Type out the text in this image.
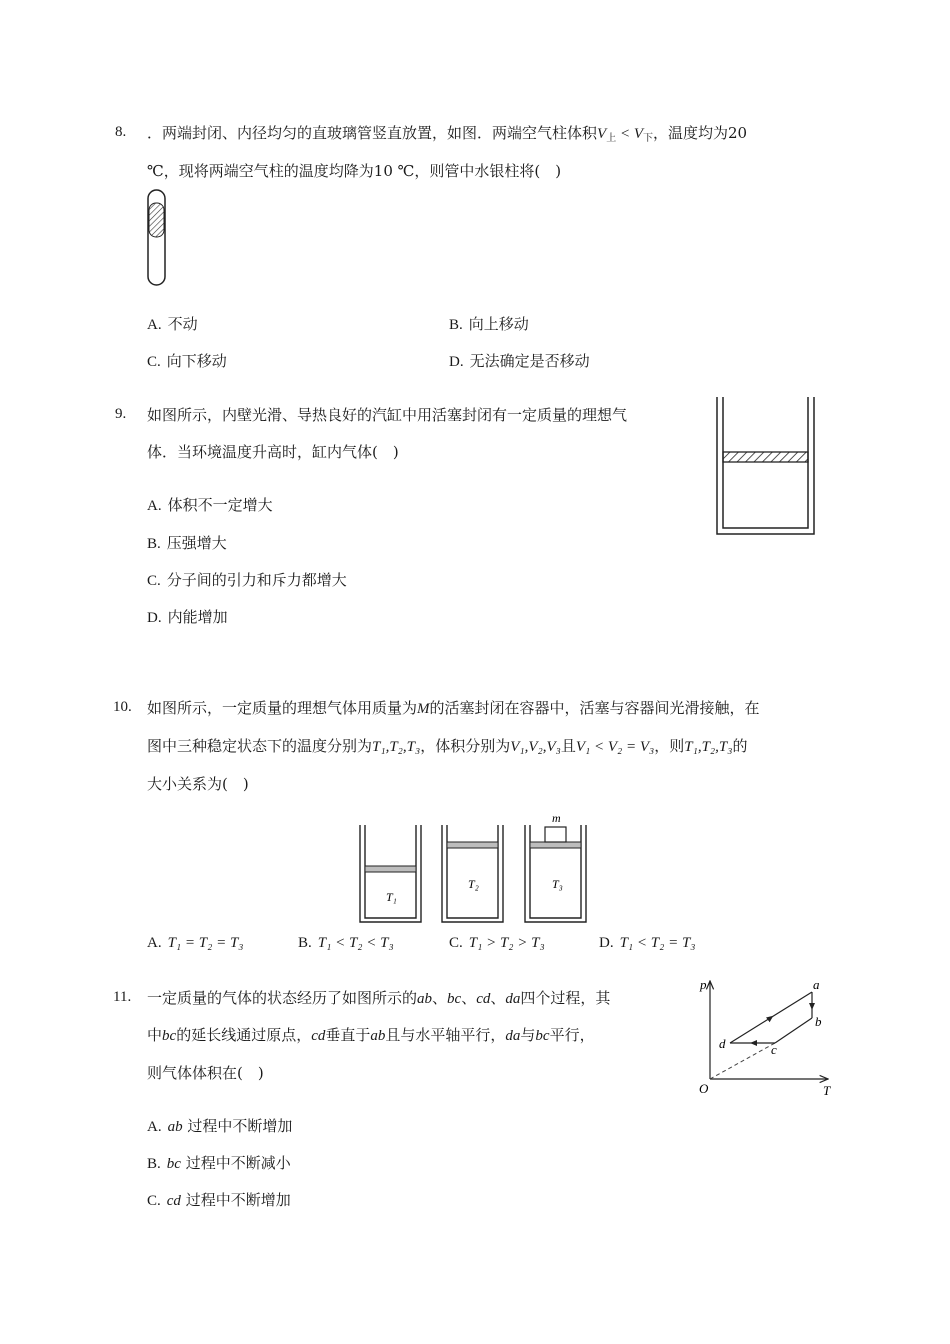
8. ．两端封闭、内径均匀的直玻璃管竖直放置，如图．两端空气柱体积$V_上 < V_下$，温度均为20
℃，现将两端空气柱的温度均降为10 ℃，则管中水银柱将(　)
A. 不动	B. 向上移动
C. 向下移动	D. 无法确定是否移动
9. 如图所示，内壁光滑、导热良好的汽缸中用活塞封闭有一定质量的理想气
体．当环境温度升高时，缸内气体(　)
A. 体积不一定增大
B. 压强增大
C. 分子间的引力和斥力都增大
D. 内能增加
10. 如图所示，一定质量的理想气体用质量为M的活塞封闭在容器中，活塞与容器间光滑接触，在
图中三种稳定状态下的温度分别为T₁,T₂,T₃，体积分别为V₁,V₂,V₃且V₁ < V₂ = V₃，则T₁,T₂,T₃的
大小关系为(　)
T₁
T₂
m
T₃
A. T₁ = T₂ = T₃	B. T₁ < T₂ < T₃	C. T₁ > T₂ > T₃	D. T₁ < T₂ = T₃
11. 一定质量的气体的状态经历了如图所示的ab、bc、cd、da四个过程，其
中bc的延长线通过原点，cd垂直于ab且与水平轴平行，da与bc平行，
则气体体积在(　)
p
T
O
a
b
c
d
A. ab 过程中不断增加
B. bc 过程中不断减小
C. cd 过程中不断增加
